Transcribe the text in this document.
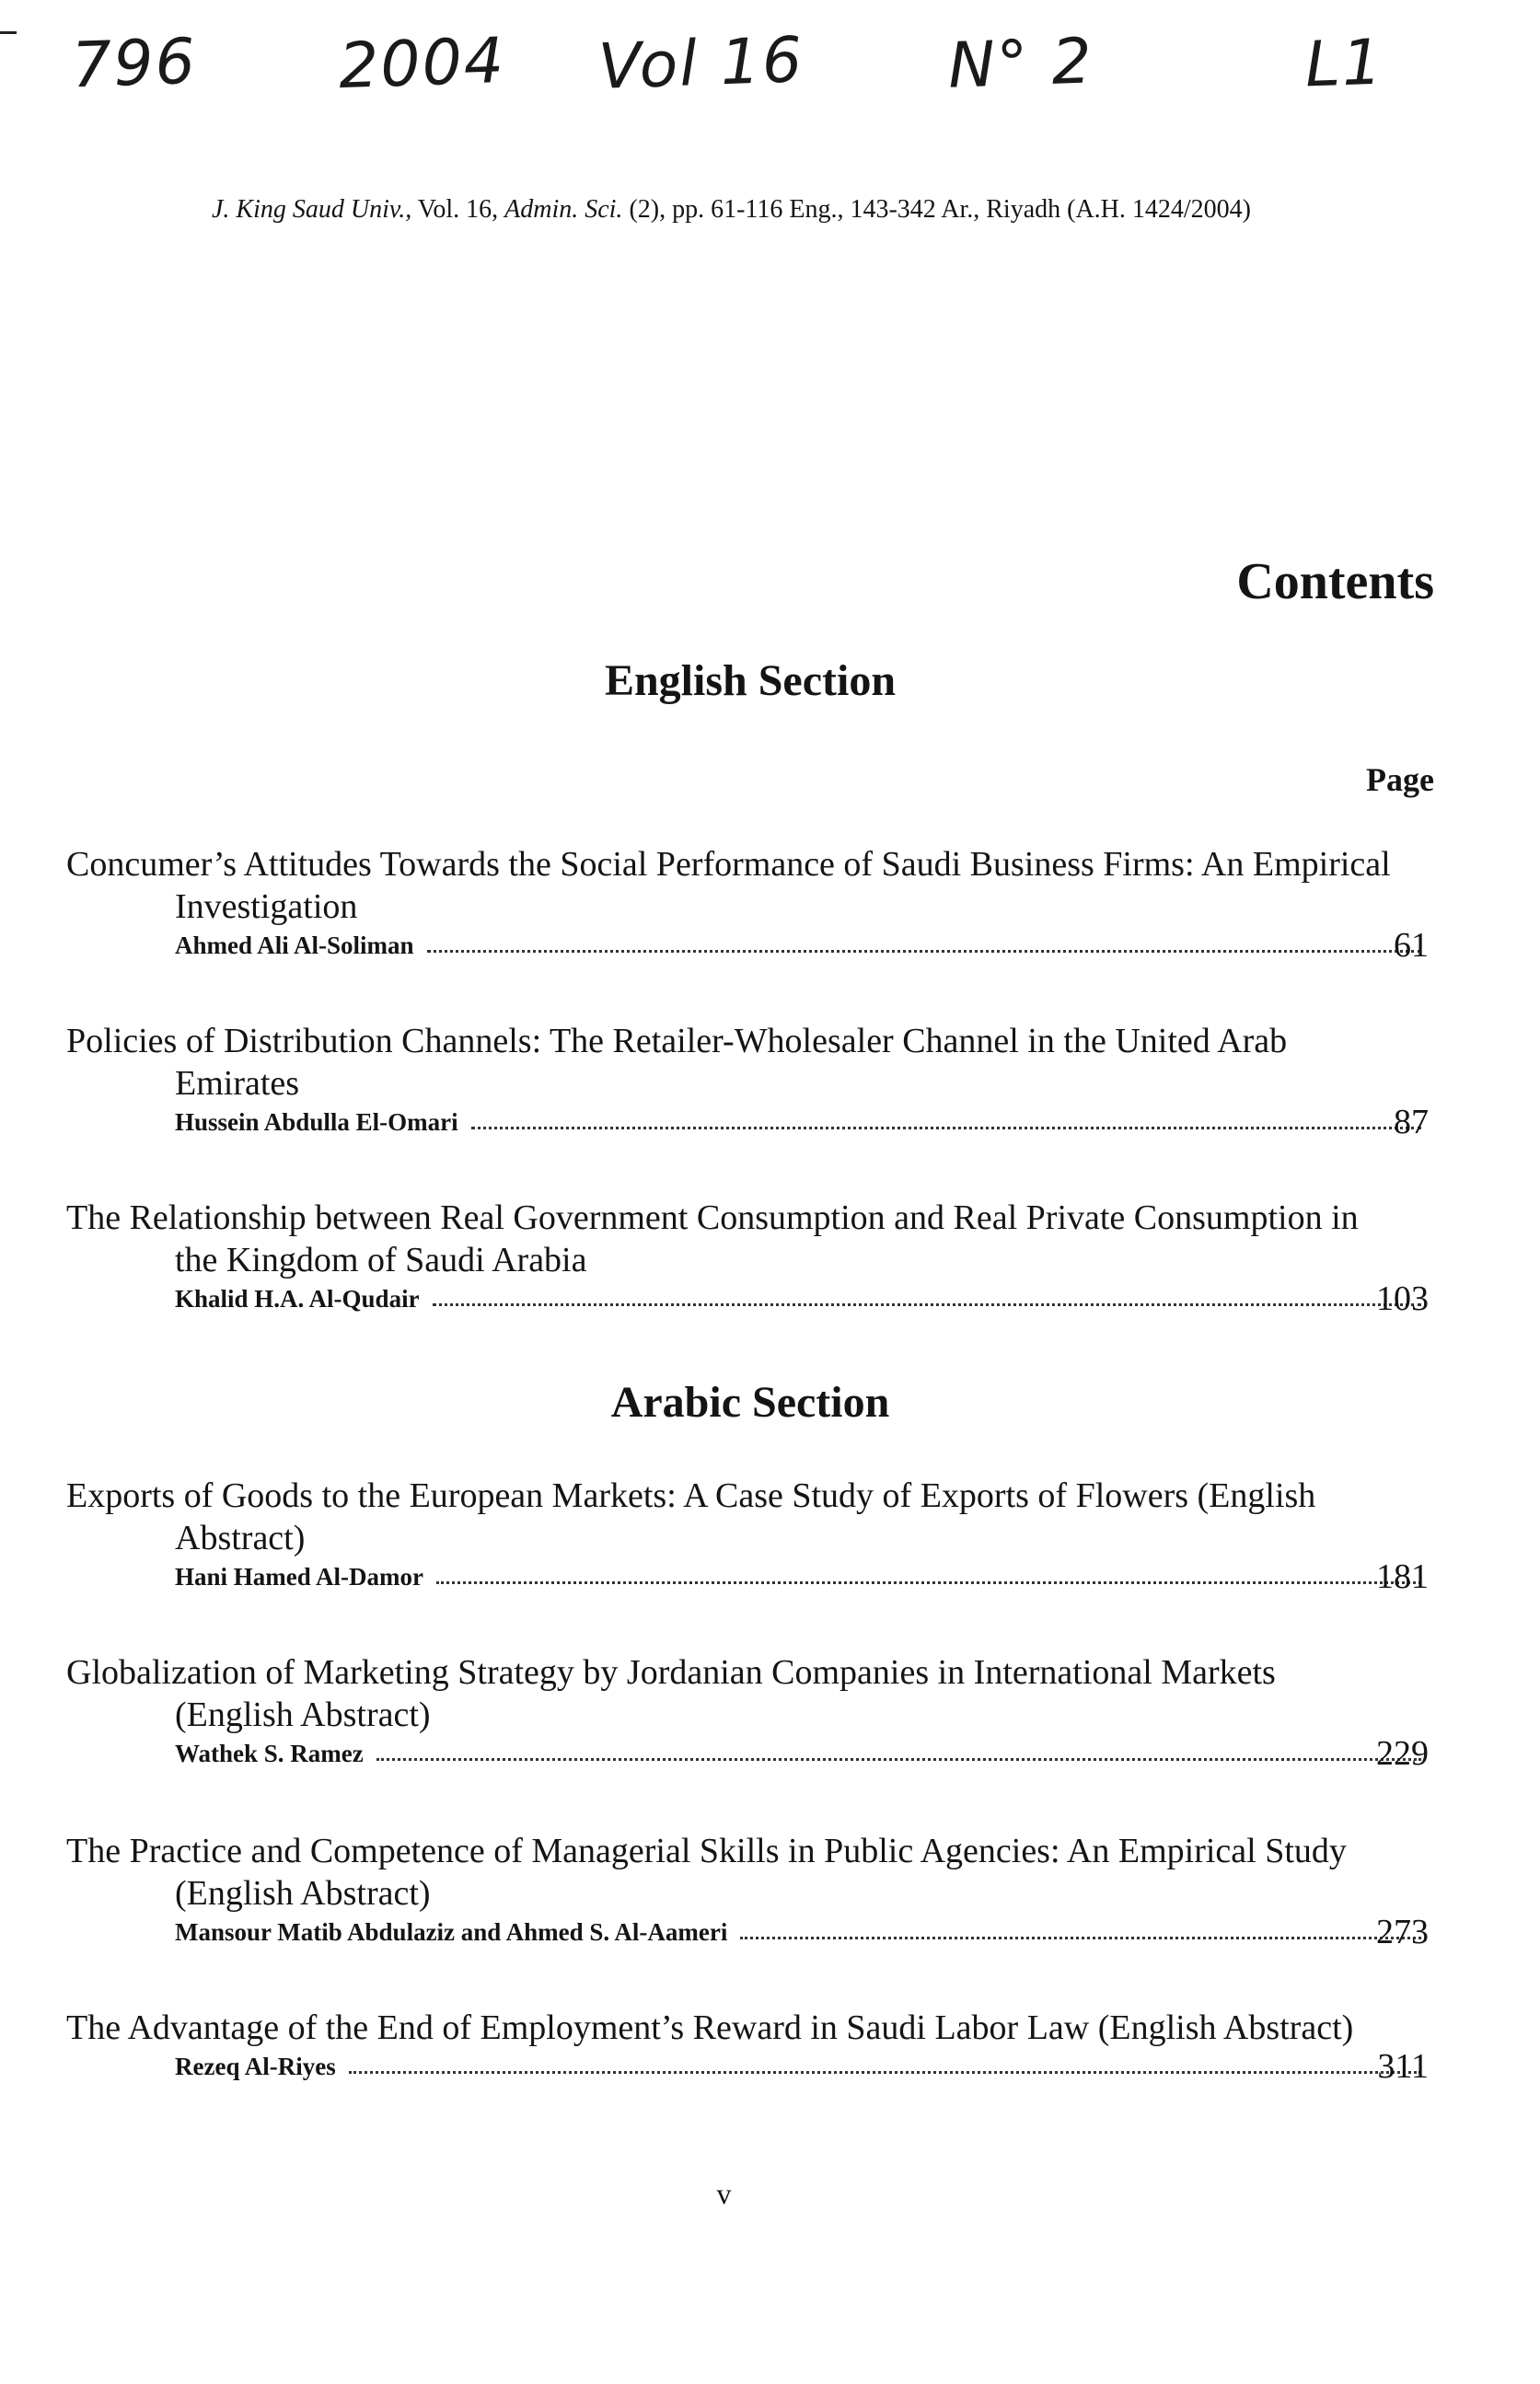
796 2004 Vol 16 N° 2	L1
J. King Saud Univ., Vol. 16, Admin. Sci. (2), pp. 61-116 Eng., 143-342 Ar., Riyadh (A.H. 1424/2004)
Contents
English Section
Page
Concumer’s Attitudes Towards the Social Performance of Saudi Business Firms: An Empirical Investigation
Ahmed Ali Al-Soliman	61
Policies of Distribution Channels: The Retailer-Wholesaler Channel in the United Arab Emirates
Hussein Abdulla El-Omari	87
The Relationship between Real Government Consumption and Real Private Consumption in the Kingdom of Saudi Arabia
Khalid H.A. Al-Qudair	103
Arabic Section
Exports of Goods to the European Markets: A Case Study of Exports of Flowers (English Abstract)
Hani Hamed Al-Damor	181
Globalization of Marketing Strategy by Jordanian Companies in International Markets (English Abstract)
Wathek S. Ramez	229
The Practice and Competence of Managerial Skills in Public Agencies: An Empirical Study (English Abstract)
Mansour Matib Abdulaziz and Ahmed S. Al-Aameri	273
The Advantage of the End of Employment’s Reward in Saudi Labor Law (English Abstract)
Rezeq Al-Riyes	311
v
